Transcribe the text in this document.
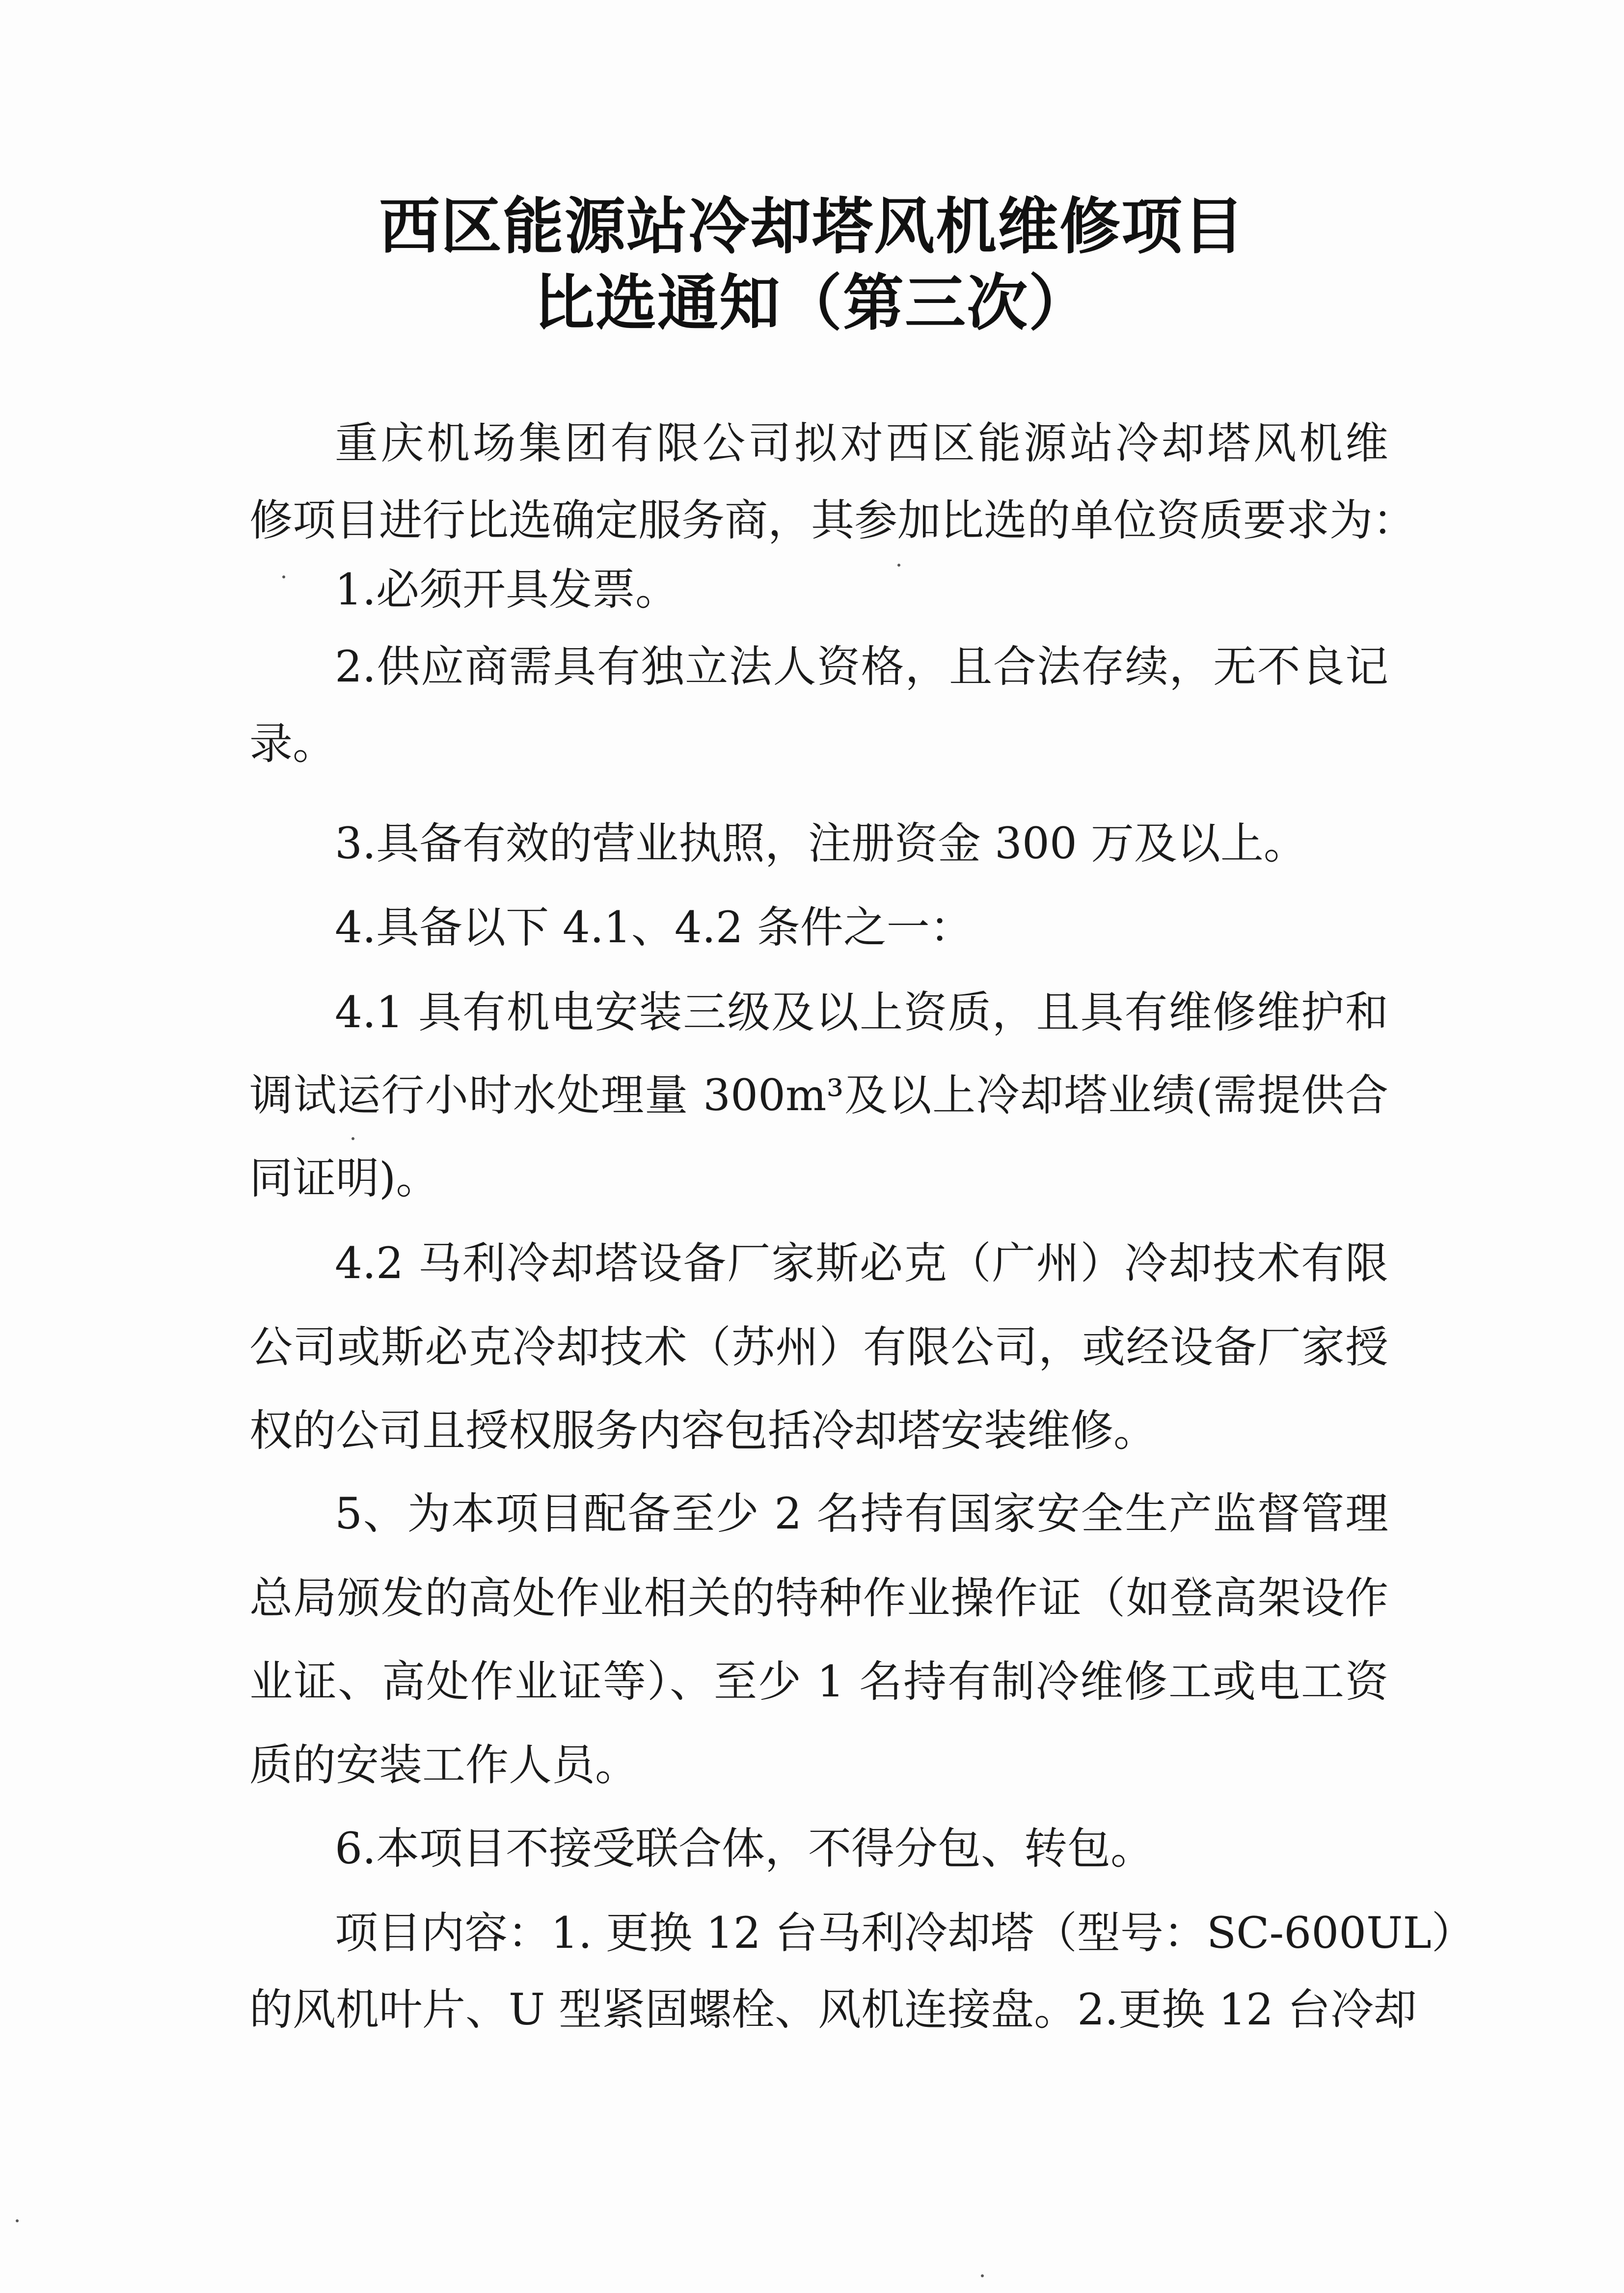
西区能源站冷却塔风机维修项目
比选通知（第三次）
重庆机场集团有限公司拟对西区能源站冷却塔风机维
修项目进行比选确定服务商，其参加比选的单位资质要求为：
1.必须开具发票。
2.供应商需具有独立法人资格，且合法存续，无不良记
录。
3.具备有效的营业执照，注册资金 300 万及以上。
4.具备以下 4.1、4.2 条件之一：
4.1 具有机电安装三级及以上资质，且具有维修维护和
调试运行小时水处理量 300m³及以上冷却塔业绩(需提供合
同证明)。
4.2 马利冷却塔设备厂家斯必克（广州）冷却技术有限
公司或斯必克冷却技术（苏州）有限公司，或经设备厂家授
权的公司且授权服务内容包括冷却塔安装维修。
5、为本项目配备至少 2 名持有国家安全生产监督管理
总局颁发的高处作业相关的特种作业操作证（如登高架设作
业证、高处作业证等）、至少 1 名持有制冷维修工或电工资
质的安装工作人员。
6.本项目不接受联合体，不得分包、转包。
项目内容：1. 更换 12 台马利冷却塔（型号：SC-600UL）
的风机叶片、U 型紧固螺栓、风机连接盘。2.更换 12 台冷却
